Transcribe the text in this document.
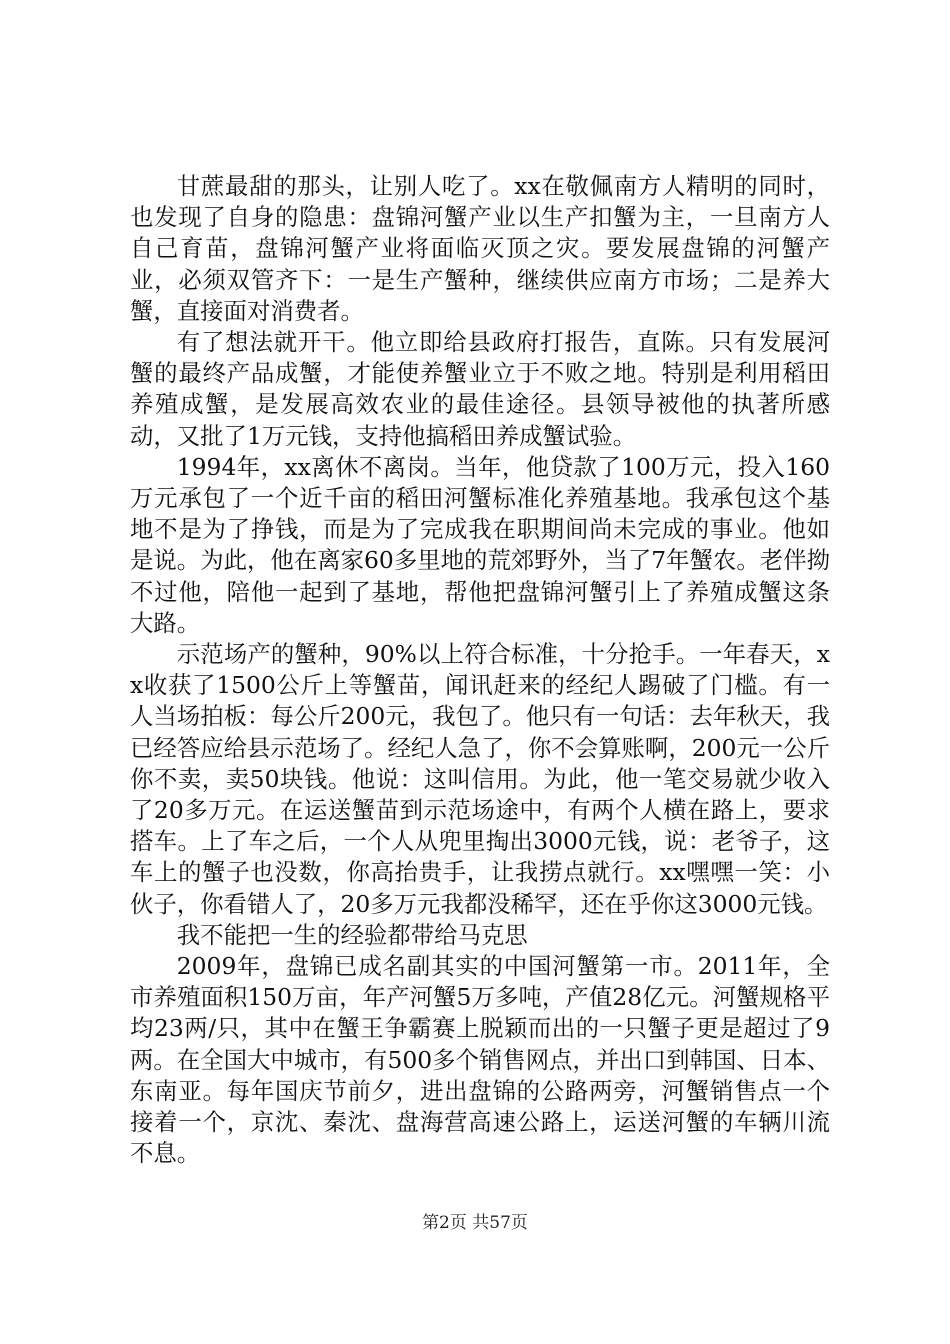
甘蔗最甜的那头，让别人吃了。xx在敬佩南方人精明的同时，也发现了自身的隐患：盘锦河蟹产业以生产扣蟹为主，一旦南方人自己育苗，盘锦河蟹产业将面临灭顶之灾。要发展盘锦的河蟹产业，必须双管齐下：一是生产蟹种，继续供应南方市场；二是养大蟹，直接面对消费者。

有了想法就开干。他立即给县政府打报告，直陈。只有发展河蟹的最终产品成蟹，才能使养蟹业立于不败之地。特别是利用稻田养殖成蟹，是发展高效农业的最佳途径。县领导被他的执著所感动，又批了1万元钱，支持他搞稻田养成蟹试验。

1994年，xx离休不离岗。当年，他贷款了100万元，投入160万元承包了一个近千亩的稻田河蟹标准化养殖基地。我承包这个基地不是为了挣钱，而是为了完成我在职期间尚未完成的事业。他如是说。为此，他在离家60多里地的荒郊野外，当了7年蟹农。老伴拗不过他，陪他一起到了基地，帮他把盘锦河蟹引上了养殖成蟹这条大路。

示范场产的蟹种，90%以上符合标准，十分抢手。一年春天，xx收获了1500公斤上等蟹苗，闻讯赶来的经纪人踢破了门槛。有一人当场拍板：每公斤200元，我包了。他只有一句话：去年秋天，我已经答应给县示范场了。经纪人急了，你不会算账啊，200元一公斤你不卖，卖50块钱。他说：这叫信用。为此，他一笔交易就少收入了20多万元。在运送蟹苗到示范场途中，有两个人横在路上，要求搭车。上了车之后，一个人从兜里掏出3000元钱，说：老爷子，这车上的蟹子也没数，你高抬贵手，让我捞点就行。xx嘿嘿一笑：小伙子，你看错人了，20多万元我都没稀罕，还在乎你这3000元钱。

我不能把一生的经验都带给马克思

2009年，盘锦已成名副其实的中国河蟹第一市。2011年，全市养殖面积150万亩，年产河蟹5万多吨，产值28亿元。河蟹规格平均23两/只，其中在蟹王争霸赛上脱颖而出的一只蟹子更是超过了9两。在全国大中城市，有500多个销售网点，并出口到韩国、日本、东南亚。每年国庆节前夕，进出盘锦的公路两旁，河蟹销售点一个接着一个，京沈、秦沈、盘海营高速公路上，运送河蟹的车辆川流不息。

第2页 共57页
